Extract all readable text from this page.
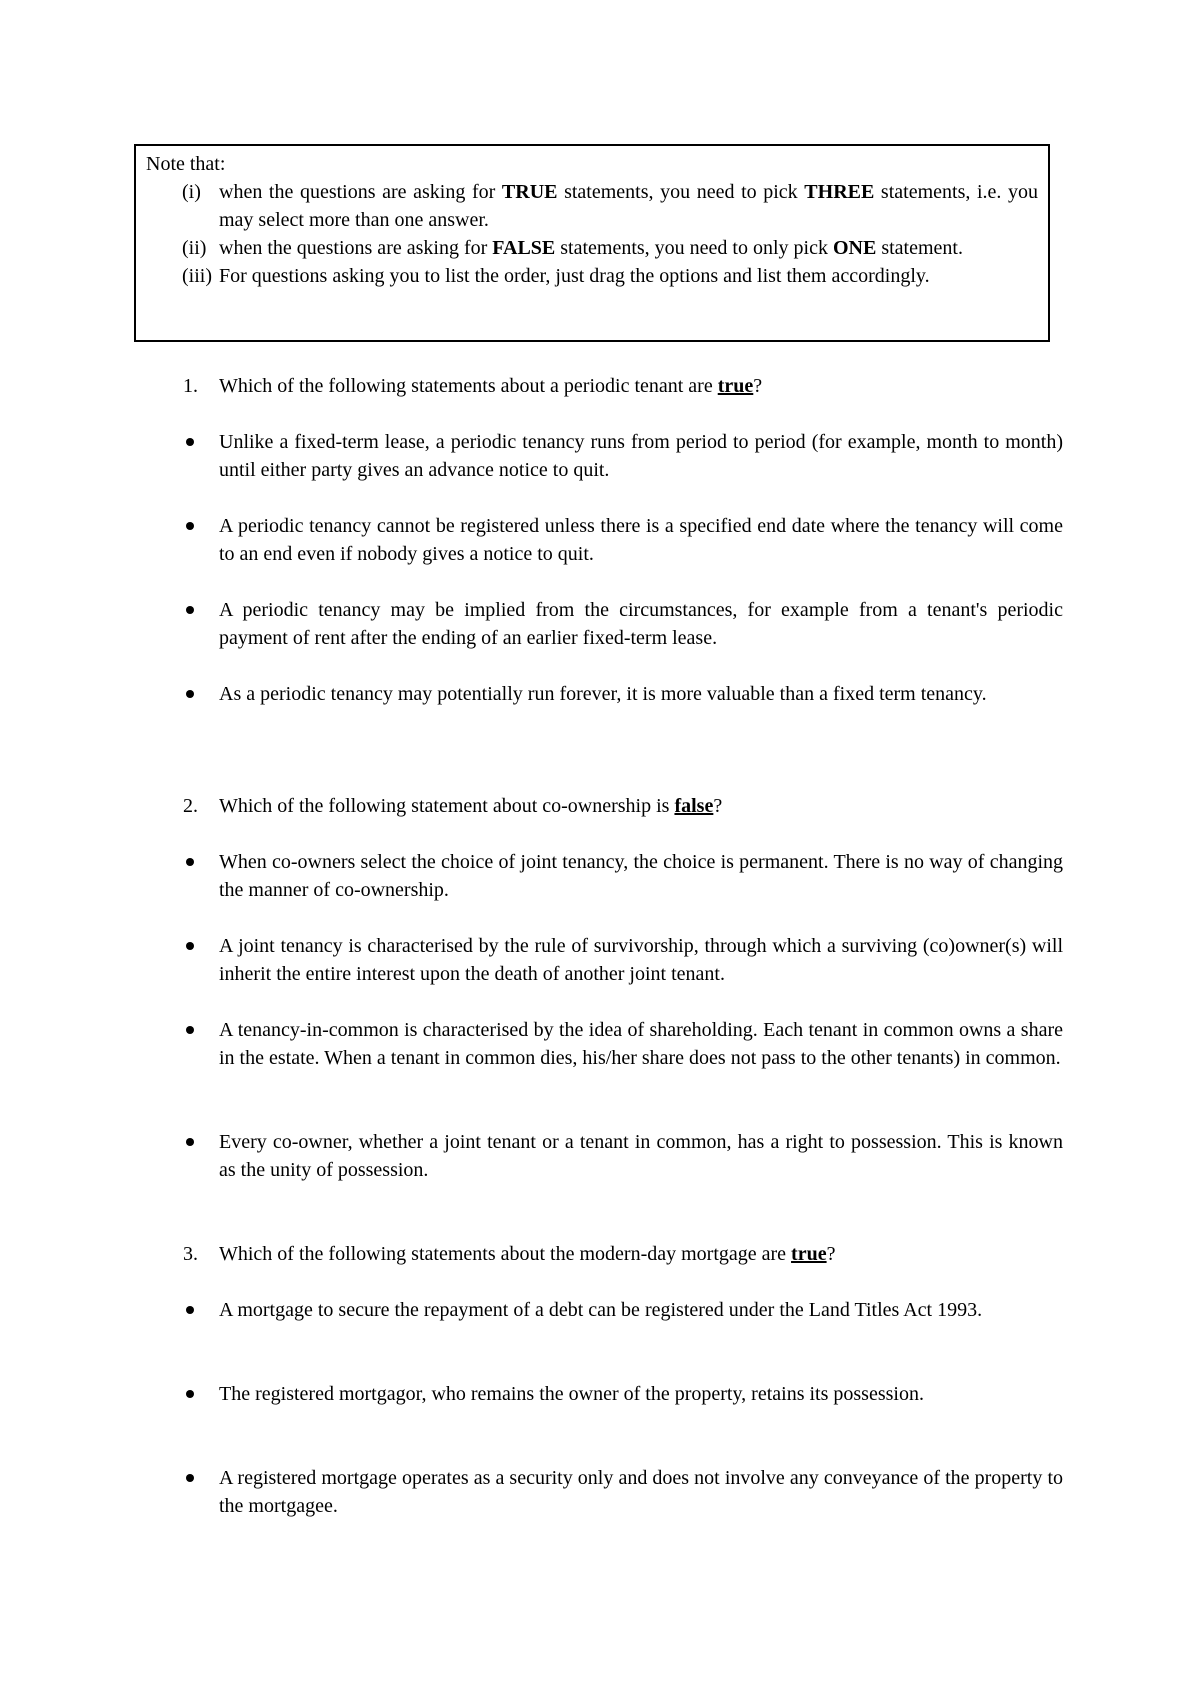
Note that:
(i) when the questions are asking for TRUE statements, you need to pick THREE statements, i.e. you may select more than one answer.
(ii) when the questions are asking for FALSE statements, you need to only pick ONE statement.
(iii) For questions asking you to list the order, just drag the options and list them accordingly.
1.	Which of the following statements about a periodic tenant are true?
Unlike a fixed-term lease, a periodic tenancy runs from period to period (for example, month to month) until either party gives an advance notice to quit.
A periodic tenancy cannot be registered unless there is a specified end date where the tenancy will come to an end even if nobody gives a notice to quit.
A periodic tenancy may be implied from the circumstances, for example from a tenant's periodic payment of rent after the ending of an earlier fixed-term lease.
As a periodic tenancy may potentially run forever, it is more valuable than a fixed term tenancy.
2.	Which of the following statement about co-ownership is false?
When co-owners select the choice of joint tenancy, the choice is permanent. There is no way of changing the manner of co-ownership.
A joint tenancy is characterised by the rule of survivorship, through which a surviving (co)owner(s) will inherit the entire interest upon the death of another joint tenant.
A tenancy-in-common is characterised by the idea of shareholding. Each tenant in common owns a share in the estate. When a tenant in common dies, his/her share does not pass to the other tenants) in common.
Every co-owner, whether a joint tenant or a tenant in common, has a right to possession. This is known as the unity of possession.
3.	Which of the following statements about the modern-day mortgage are true?
A mortgage to secure the repayment of a debt can be registered under the Land Titles Act 1993.
The registered mortgagor, who remains the owner of the property, retains its possession.
A registered mortgage operates as a security only and does not involve any conveyance of the property to the mortgagee.
